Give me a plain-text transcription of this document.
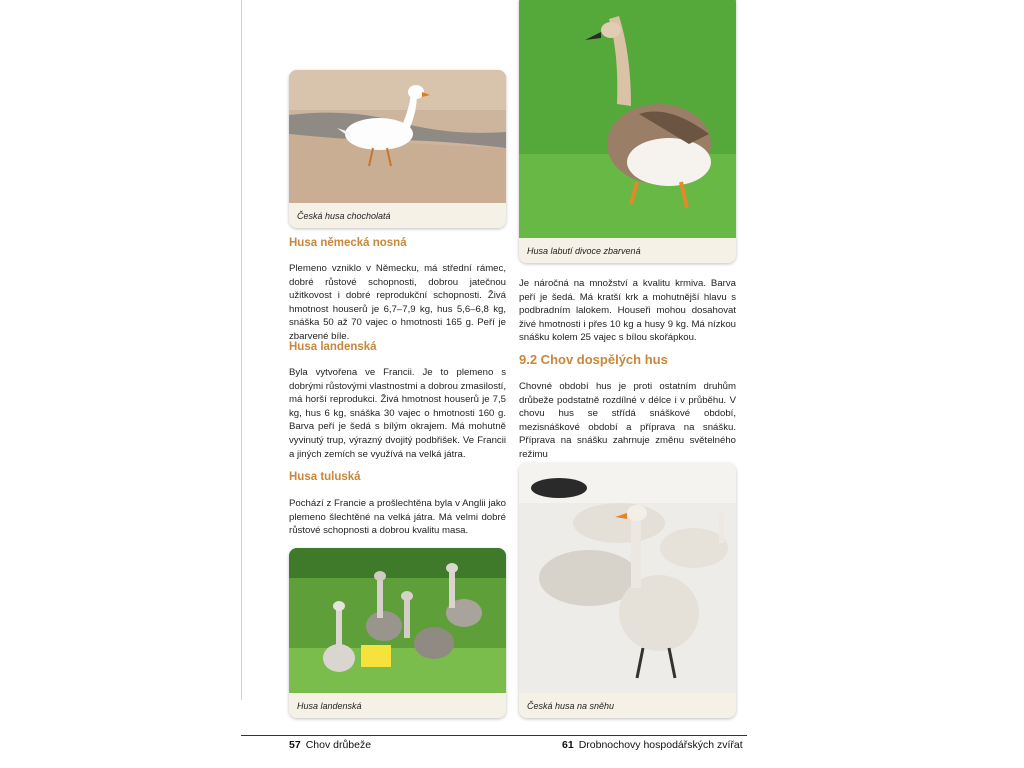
Česká husa chocholatá
Husa německá nosná

Plemeno vzniklo v Německu, má střední rámec, dobré růstové schopnosti, dobrou jatečnou užitkovost i dobré reprodukční schopnosti. Živá hmotnost houserů je 6,7–7,9 kg, hus 5,6–6,8 kg, snáška 50 až 70 vajec o hmotnosti 165 g. Peří je zbarvené bíle.

Husa landenská

Byla vytvořena ve Francii. Je to plemeno s dobrými růstovými vlastnostmi a dobrou zmasilostí, má horší reprodukci. Živá hmotnost houserů je 7,5 kg, hus 6 kg, snáška 30 vajec o hmotnosti 160 g. Barva peří je šedá s bílým okrajem. Má mohutně vyvinutý trup, výrazný dvojitý podbřišek. Ve Francii a jiných zemích se využívá na velká játra.

Husa tuluská

Pochází z Francie a prošlechtěna byla v Anglii jako plemeno šlechtěné na velká játra. Má velmi dobré růstové schopnosti a dobrou kvalitu masa.

Husa landenská
Husa labutí divoce zbarvená

Je náročná na množství a kvalitu krmiva. Barva peří je šedá. Má kratší krk a mohutnější hlavu s podbradním lalokem. Houseři mohou dosahovat živé hmotnosti i přes 10 kg a husy 9 kg. Má nízkou snášku kolem 25 vajec s bílou skořápkou.

9.2 Chov dospělých hus

Chovné období hus je proti ostatním druhům drůbeže podstatně rozdílné v délce i v průběhu. V chovu hus se střídá snáškové období, mezisnáškové období a příprava na snášku. Příprava na snášku zahrnuje změnu světelného režimu

Česká husa na sněhu
57 Chov drůbeže	61 Drobnochovy hospodářských zvířat
